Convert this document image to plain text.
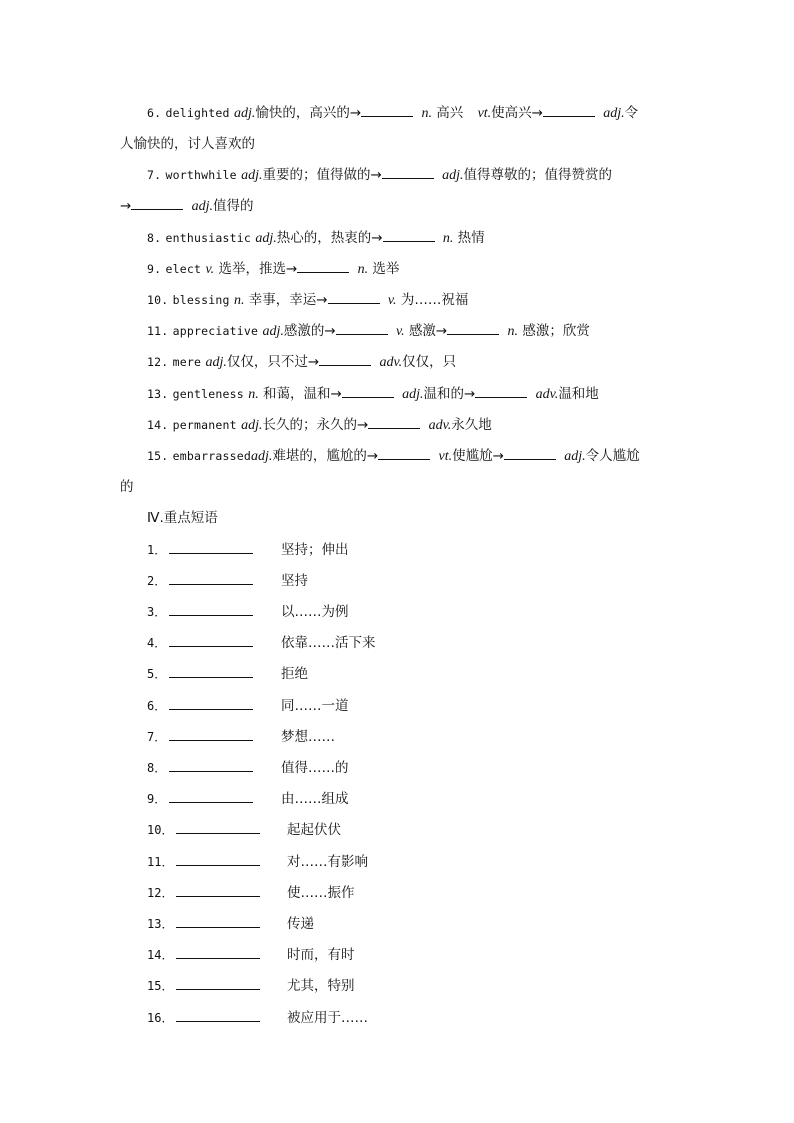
6. delighted adj.愉快的，高兴的→	n. 高兴 vt.使高兴→	adj.令
人愉快的，讨人喜欢的
7. worthwhile adj.重要的；值得做的→	adj.值得尊敬的；值得赞赏的
→	adj.值得的
8. enthusiastic adj.热心的，热衷的→	n. 热情
9. elect v. 选举，推选→	n. 选举
10. blessing n. 幸事，幸运→	v. 为……祝福
11. appreciative adj.感激的→	v. 感激→	n. 感激；欣赏
12. mere adj.仅仅，只不过→	adv.仅仅，只
13. gentleness n. 和蔼，温和→	adj.温和的→	adv.温和地
14. permanent adj.长久的；永久的→	adv.永久地
15. embarrassedadj.难堪的，尴尬的→	vt.使尴尬→	adj.令人尴尬
的
Ⅳ.重点短语
1．	坚持；伸出
2．	坚持
3．	以……为例
4．	依靠……活下来
5．	拒绝
6．	同……一道
7．	梦想……
8．	值得……的
9．	由……组成
10．	起起伏伏
11．	对……有影响
12．	使……振作
13．	传递
14．	时而，有时
15．	尤其，特别
16．	被应用于……
